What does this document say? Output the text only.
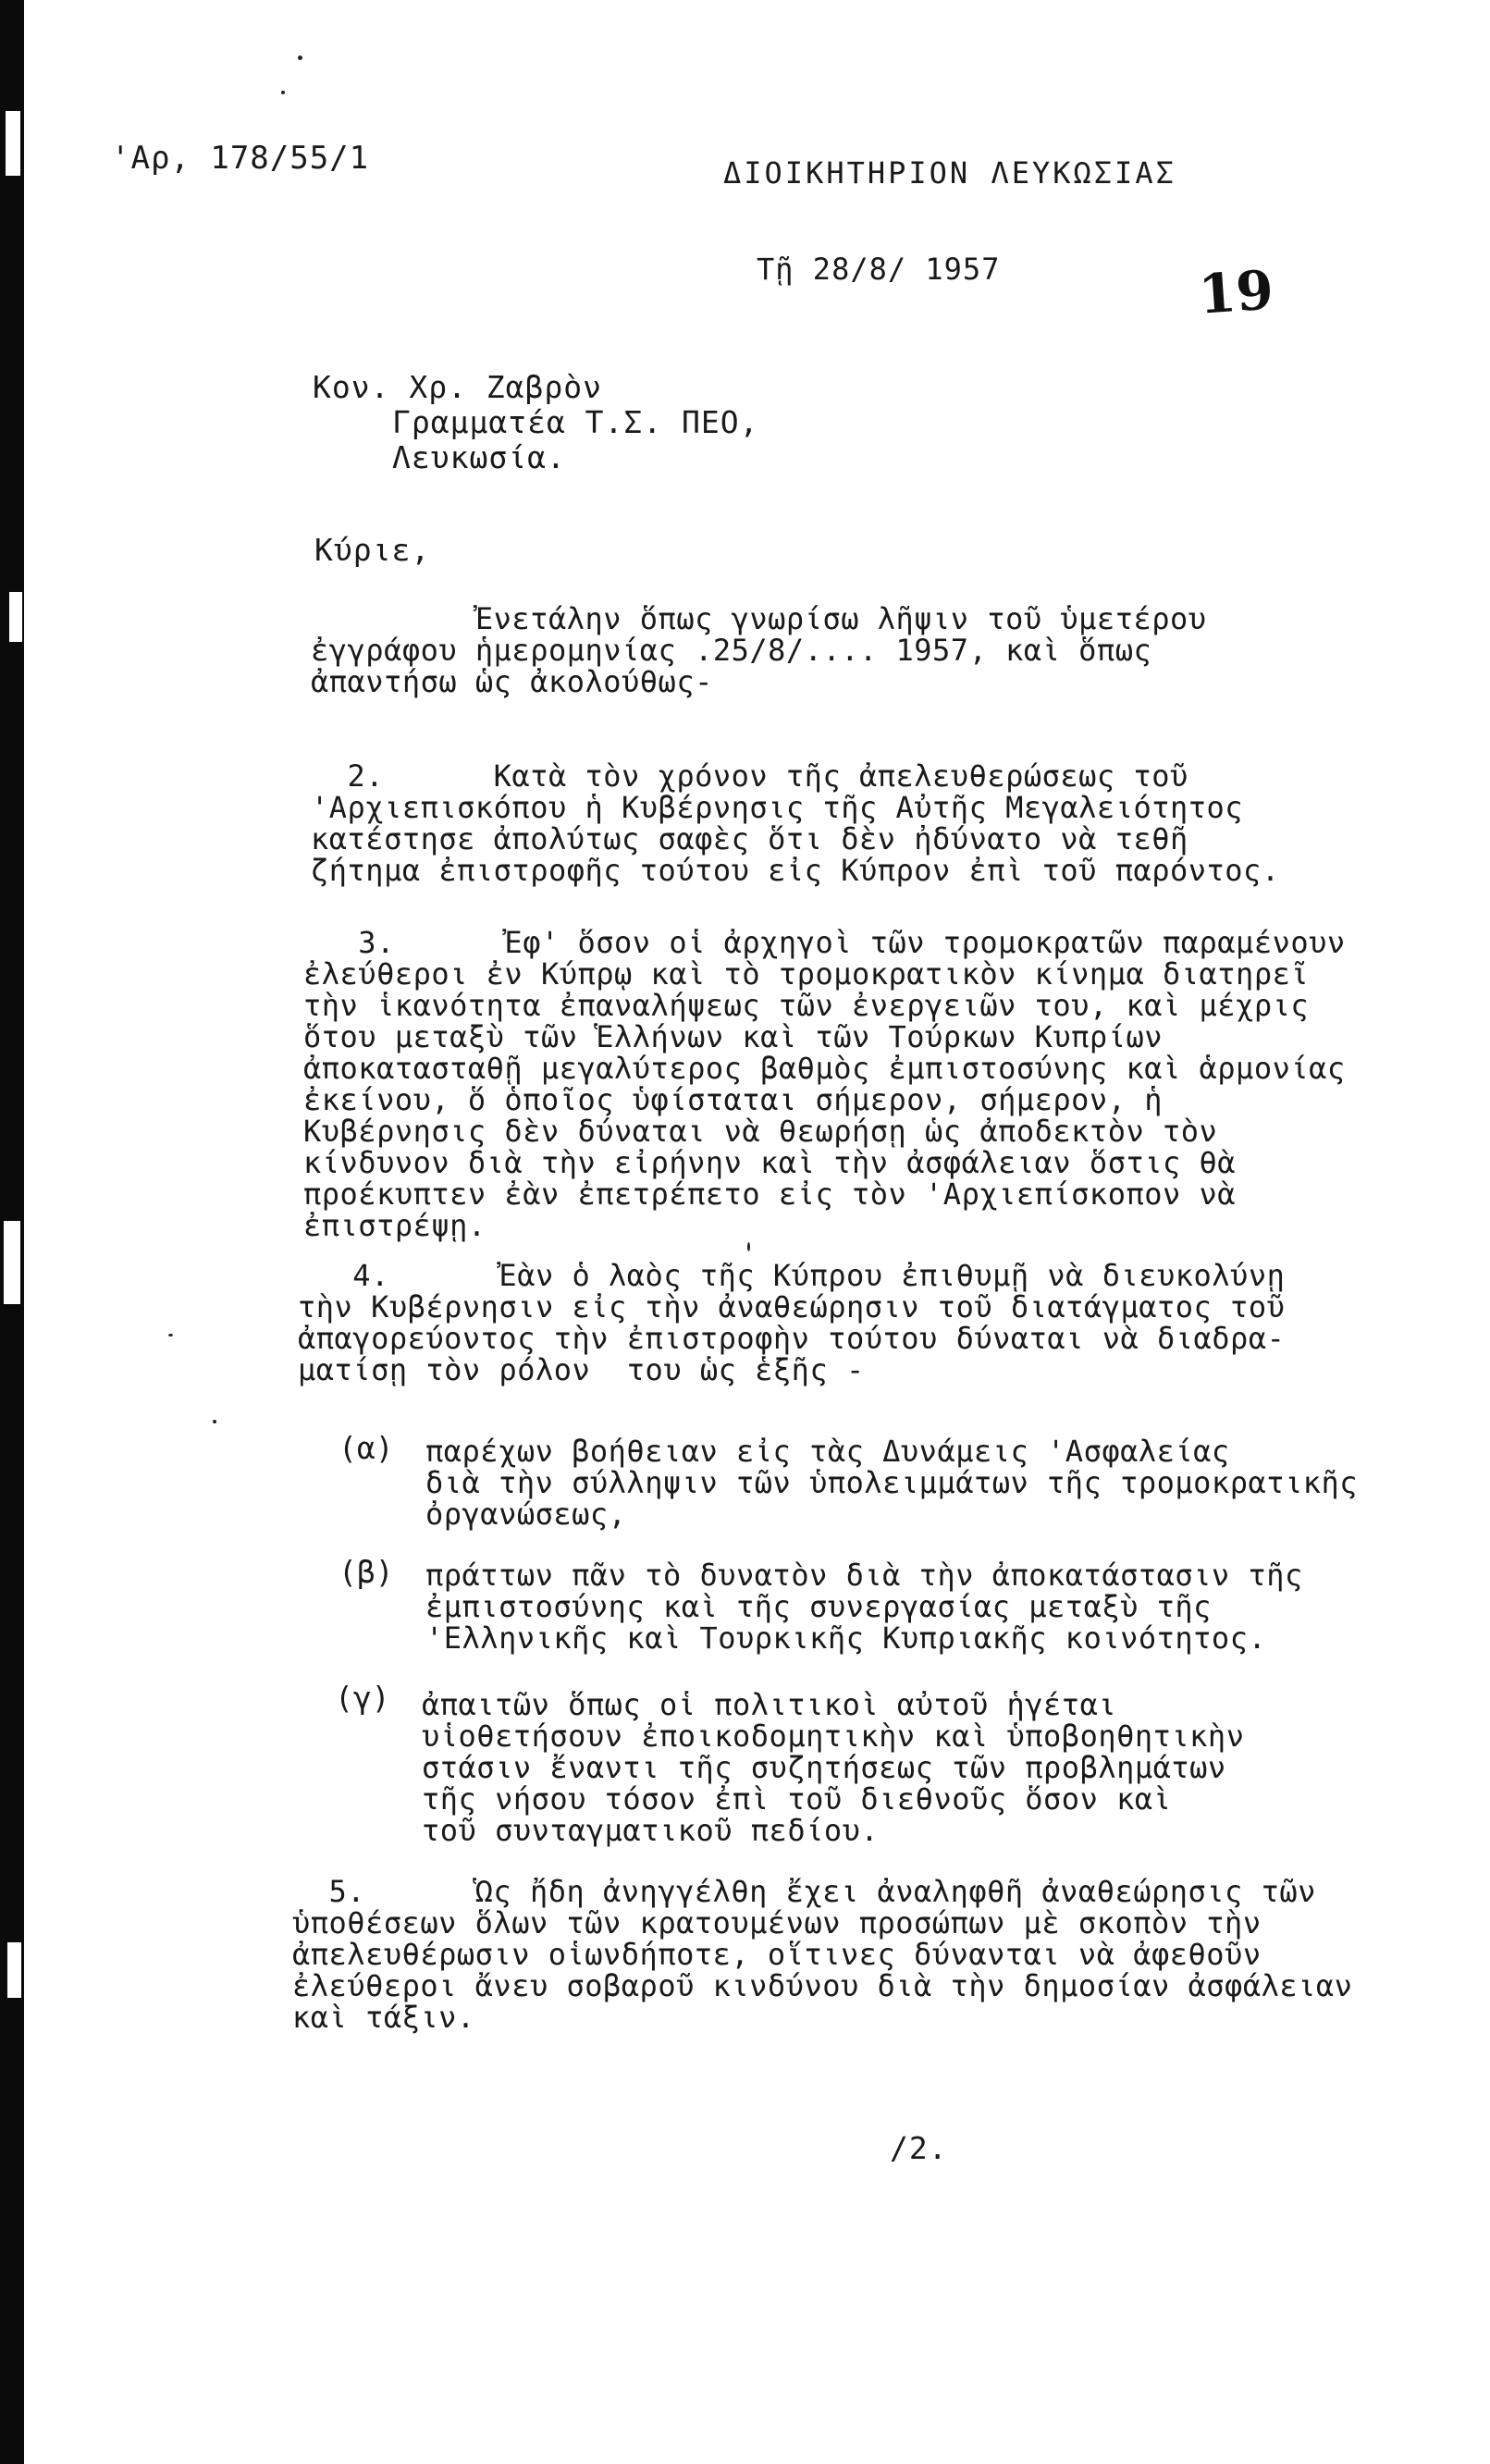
'Αρ, 178/55/1	ΔΙΟΙΚΗΤΗΡΙΟΝ ΛΕΥΚΩΣΙΑΣ
Τῇ 28/8/ 1957	19
Κον. Χρ. Ζαβρὸν
Γραμματέα Τ.Σ. ΠΕΟ,
Λευκωσία.
Κύριε,
Ἐνετάλην ὅπως γνωρίσω λῆψιν τοῦ ὑμετέρου
ἐγγράφου ἡμερομηνίας .25/8/.... 1957, καὶ ὅπως
ἀπαντήσω ὡς ἀκολούθως-
2.      Κατὰ τὸν χρόνον τῆς ἀπελευθερώσεως τοῦ
'Αρχιεπισκόπου ἡ Κυβέρνησις τῆς Αὐτῆς Μεγαλειότητος
κατέστησε ἀπολύτως σαφὲς ὅτι δὲν ἠδύνατο νὰ τεθῆ
ζήτημα ἐπιστροφῆς τούτου εἰς Κύπρον ἐπὶ τοῦ παρόντος.
3.      Ἐφ' ὅσον οἱ ἀρχηγοὶ τῶν τρομοκρατῶν παραμένουν
ἐλεύθεροι ἐν Κύπρῳ καὶ τὸ τρομοκρατικὸν κίνημα διατηρεῖ
τὴν ἱκανότητα ἐπαναλήψεως τῶν ἐνεργειῶν του, καὶ μέχρις
ὅτου μεταξὺ τῶν Ἑλλήνων καὶ τῶν Τούρκων Κυπρίων
ἀποκατασταθῇ μεγαλύτερος βαθμὸς ἐμπιστοσύνης καὶ ἁρμονίας
ἐκείνου, ὅ ὁποῖος ὑφίσταται σήμερον, σήμερον, ἡ
Κυβέρνησις δὲν δύναται νὰ θεωρήσῃ ὡς ἀποδεκτὸν τὸν
κίνδυνον διὰ τὴν εἰρήνην καὶ τὴν ἀσφάλειαν ὅστις θὰ
προέκυπτεν ἐὰν ἐπετρέπετο εἰς τὸν 'Αρχιεπίσκοπον νὰ
ἐπιστρέψῃ.
4.      Ἐὰν ὁ λαὸς τῆς Κύπρου ἐπιθυμῇ νὰ διευκολύνῃ
τὴν Κυβέρνησιν εἰς τὴν ἀναθεώρησιν τοῦ διατάγματος τοῦ
ἀπαγορεύοντος τὴν ἐπιστροφὴν τούτου δύναται νὰ διαδρα-
ματίσῃ τὸν ρόλον  του ὡς ἑξῆς -
(α) παρέχων βοήθειαν εἰς τὰς Δυνάμεις 'Ασφαλείας
διὰ τὴν σύλληψιν τῶν ὑπολειμμάτων τῆς τρομοκρατικῆς
ὀργανώσεως,
(β) πράττων πᾶν τὸ δυνατὸν διὰ τὴν ἀποκατάστασιν τῆς
ἐμπιστοσύνης καὶ τῆς συνεργασίας μεταξὺ τῆς
'Ελληνικῆς καὶ Τουρκικῆς Κυπριακῆς κοινότητος.
(γ) ἀπαιτῶν ὅπως οἱ πολιτικοὶ αὐτοῦ ἡγέται
υἱοθετήσουν ἐποικοδομητικὴν καὶ ὑποβοηθητικὴν
στάσιν ἔναντι τῆς συζητήσεως τῶν προβλημάτων
τῆς νήσου τόσον ἐπὶ τοῦ διεθνοῦς ὅσον καὶ
τοῦ συνταγματικοῦ πεδίου.
5.      Ὡς ἤδη ἀνηγγέλθη ἔχει ἀναληφθῆ ἀναθεώρησις τῶν
ὑποθέσεων ὅλων τῶν κρατουμένων προσώπων μὲ σκοπὸν τὴν
ἀπελευθέρωσιν οἱωνδήποτε, οἵτινες δύνανται νὰ ἀφεθοῦν
ἐλεύθεροι ἄνευ σοβαροῦ κινδύνου διὰ τὴν δημοσίαν ἀσφάλειαν
καὶ τάξιν.
/2.
